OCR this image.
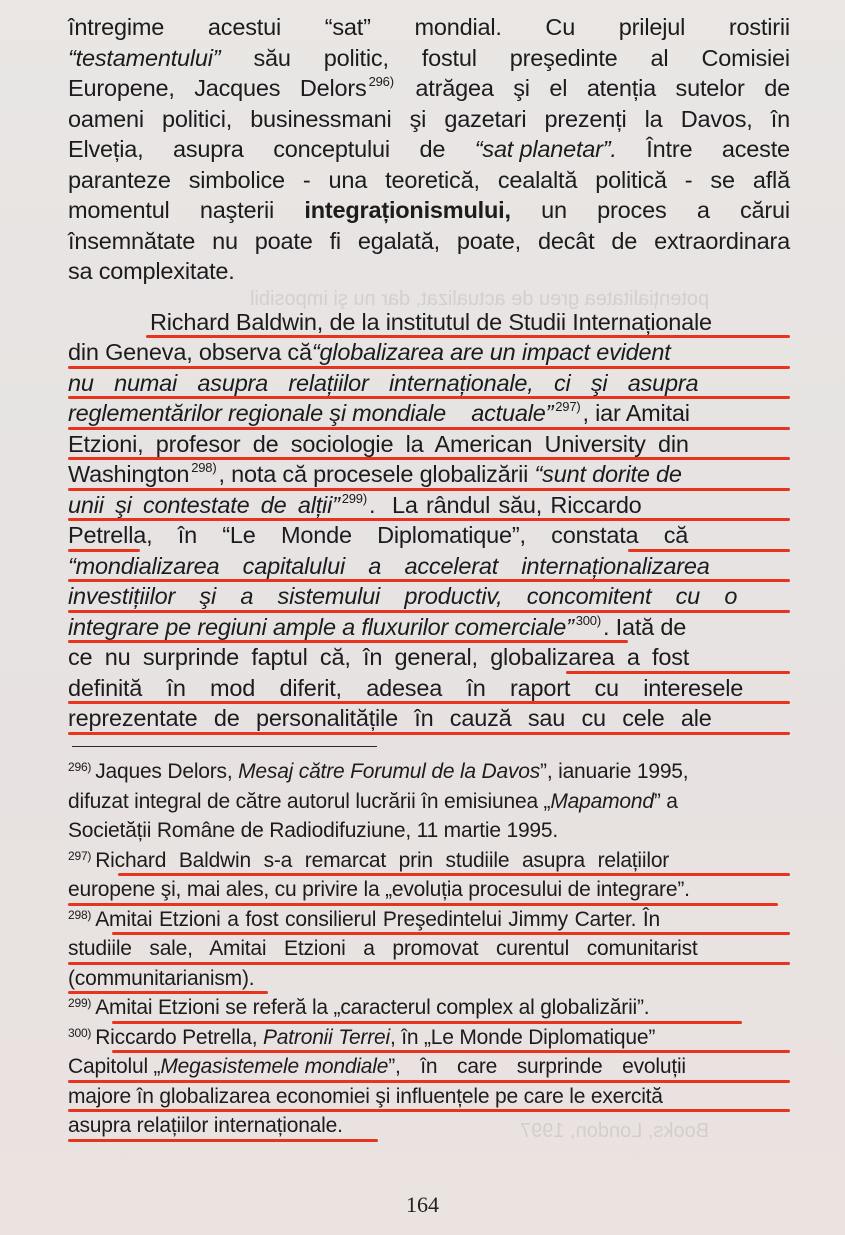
potențialitatea greu de actualizat, dar nu şi imposibil
Books, London, 1997
întregime acestui “sat” mondial. Cu prilejul rostirii
“testamentului” său politic, fostul preşedinte al Comisiei
Europene, Jacques Delors $^{296)}$ atrăgea şi el atenția sutelor de
oameni politici, businessmani şi gazetari prezenți la Davos, în
Elveția, asupra conceptului de “sat planetar”. Între aceste
paranteze simbolice - una teoretică, cealaltă politică - se află
momentul naşterii integraționismului, un proces a cărui
însemnătate nu poate fi egalată, poate, decât de extraordinara
sa complexitate.
Richard Baldwin, de la institutul de Studii Internaționale
din Geneva, observa că “globalizarea are un impact evident
nu numai asupra relațiilor internaționale, ci şi asupra
reglementărilor regionale şi mondiale    actuale” 297) , iar Amitai
Etzioni, profesor de sociologie la American University din
Washington 298) , nota că procesele globalizării “sunt dorite de
unii şi contestate de alții” 299) .  La rândul său, Riccardo
Petrella, în “Le Monde Diplomatique”, constata că
“mondializarea capitalului a accelerat internaționalizarea
investițiilor şi a sistemului productiv, concomitent cu o
integrare pe regiuni ample a fluxurilor comerciale” 300) . Iată de
ce nu surprinde faptul că, în general, globalizarea a fost
definită în mod diferit, adesea în raport cu interesele
reprezentate de personalitățile în cauză sau cu cele ale
296) Jaques Delors, Mesaj către Forumul de la Davos ”, ianuarie 1995,
difuzat integral de către autorul lucrării în emisiunea „ Mapamond ” a
Societății Române de Radiodifuziune, 11 martie 1995.
297) Richard Baldwin s-a remarcat prin studiile asupra relațiilor
europene şi, mai ales, cu privire la „evoluția procesului de integrare”.
298) Amitai Etzioni a fost consilierul Preşedintelui Jimmy Carter. În
studiile sale, Amitai Etzioni a promovat curentul comunitarist
(communitarianism).
299) Amitai Etzioni se referă la „caracterul complex al globalizării”.
300) Riccardo Petrella, Patronii Terrei , în „Le Monde Diplomatique”
Capitolul „ Megasistemele mondiale ”, în care surprinde evoluții
majore în globalizarea economiei şi influențele pe care le exercită
asupra relațiilor internaționale.
164
